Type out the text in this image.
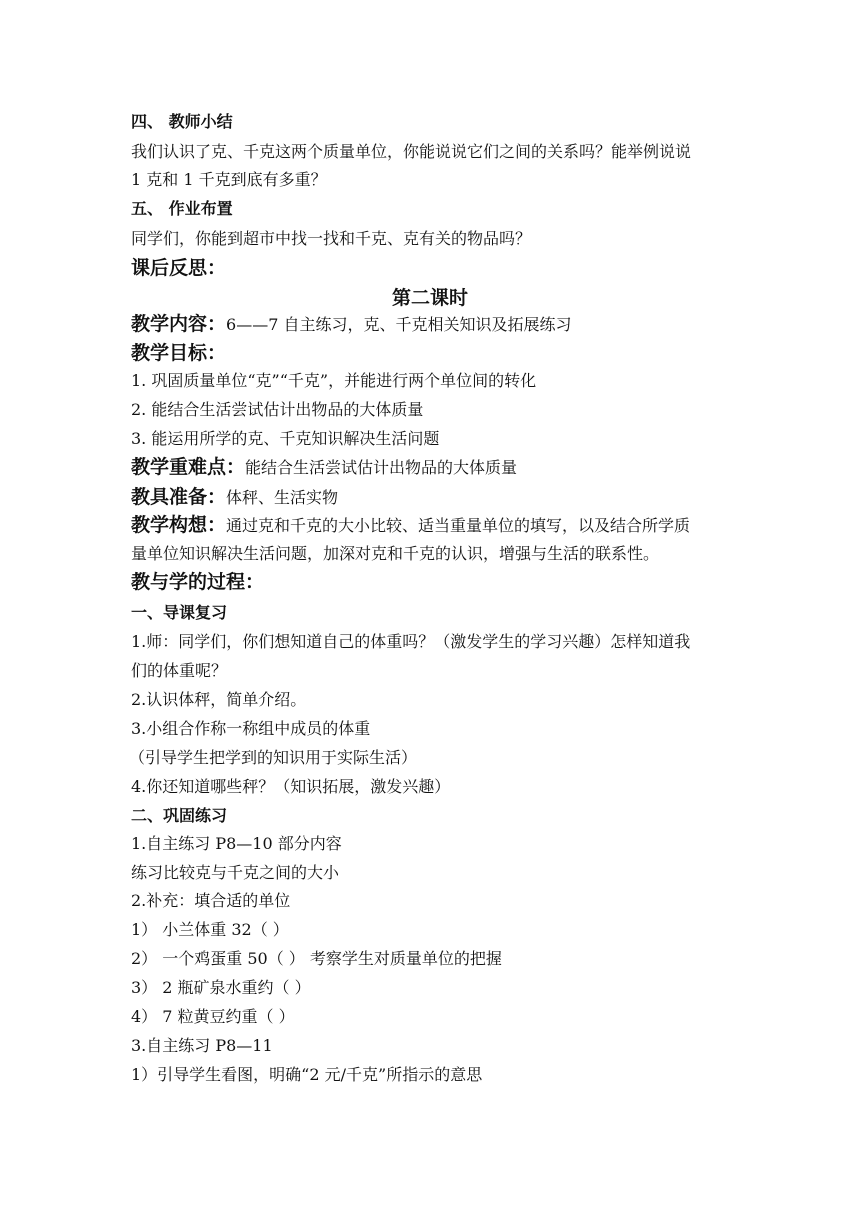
四、 教师小结
我们认识了克、千克这两个质量单位，你能说说它们之间的关系吗？能举例说说
1 克和 1 千克到底有多重？
五、 作业布置
同学们，你能到超市中找一找和千克、克有关的物品吗？
课后反思：
第二课时
教学内容：6——7 自主练习，克、千克相关知识及拓展练习
教学目标：
1. 巩固质量单位“克”“千克”，并能进行两个单位间的转化
2. 能结合生活尝试估计出物品的大体质量
3. 能运用所学的克、千克知识解决生活问题
教学重难点：能结合生活尝试估计出物品的大体质量
教具准备：体秤、生活实物
教学构想：通过克和千克的大小比较、适当重量单位的填写，以及结合所学质
量单位知识解决生活问题，加深对克和千克的认识，增强与生活的联系性。
教与学的过程：
一、导课复习
1.师：同学们，你们想知道自己的体重吗？（激发学生的学习兴趣）怎样知道我
们的体重呢？
2.认识体秤，简单介绍。
3.小组合作称一称组中成员的体重
（引导学生把学到的知识用于实际生活）
4.你还知道哪些秤？（知识拓展，激发兴趣）
二、巩固练习
1.自主练习 P8—10 部分内容
练习比较克与千克之间的大小
2.补充：填合适的单位
1） 小兰体重 32（ ）
2） 一个鸡蛋重 50（ ） 考察学生对质量单位的把握
3） 2 瓶矿泉水重约（ ）
4） 7 粒黄豆约重（ ）
3.自主练习 P8—11
1）引导学生看图，明确“2 元/千克”所指示的意思
